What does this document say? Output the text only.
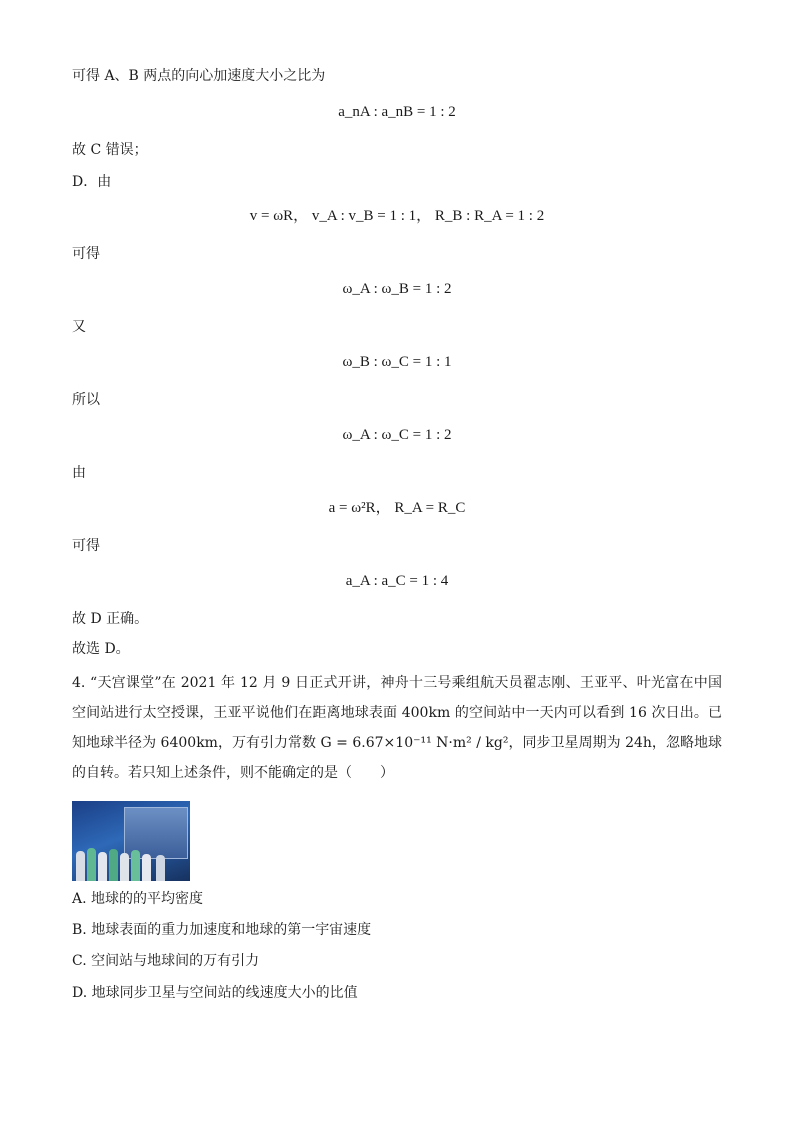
可得 A、B 两点的向心加速度大小之比为
a_nA : a_nB = 1 : 2
故 C 错误；
D．由
v = ωR， v_A : v_B = 1 : 1， R_B : R_A = 1 : 2
可得
ω_A : ω_B = 1 : 2
又
ω_B : ω_C = 1 : 1
所以
ω_A : ω_C = 1 : 2
由
a = ω²R， R_A = R_C
可得
a_A : a_C = 1 : 4
故 D 正确。
故选 D。
4. “天宫课堂”在 2021 年 12 月 9 日正式开讲，神舟十三号乘组航天员翟志刚、王亚平、叶光富在中国空间站进行太空授课，王亚平说他们在距离地球表面 400km 的空间站中一天内可以看到 16 次日出。已知地球半径为 6400km，万有引力常数 G = 6.67×10⁻¹¹ N·m² / kg²，同步卫星周期为 24h，忽略地球的自转。若只知上述条件，则不能确定的是（　　）
A. 地球的的平均密度
B. 地球表面的重力加速度和地球的第一宇宙速度
C. 空间站与地球间的万有引力
D. 地球同步卫星与空间站的线速度大小的比值
